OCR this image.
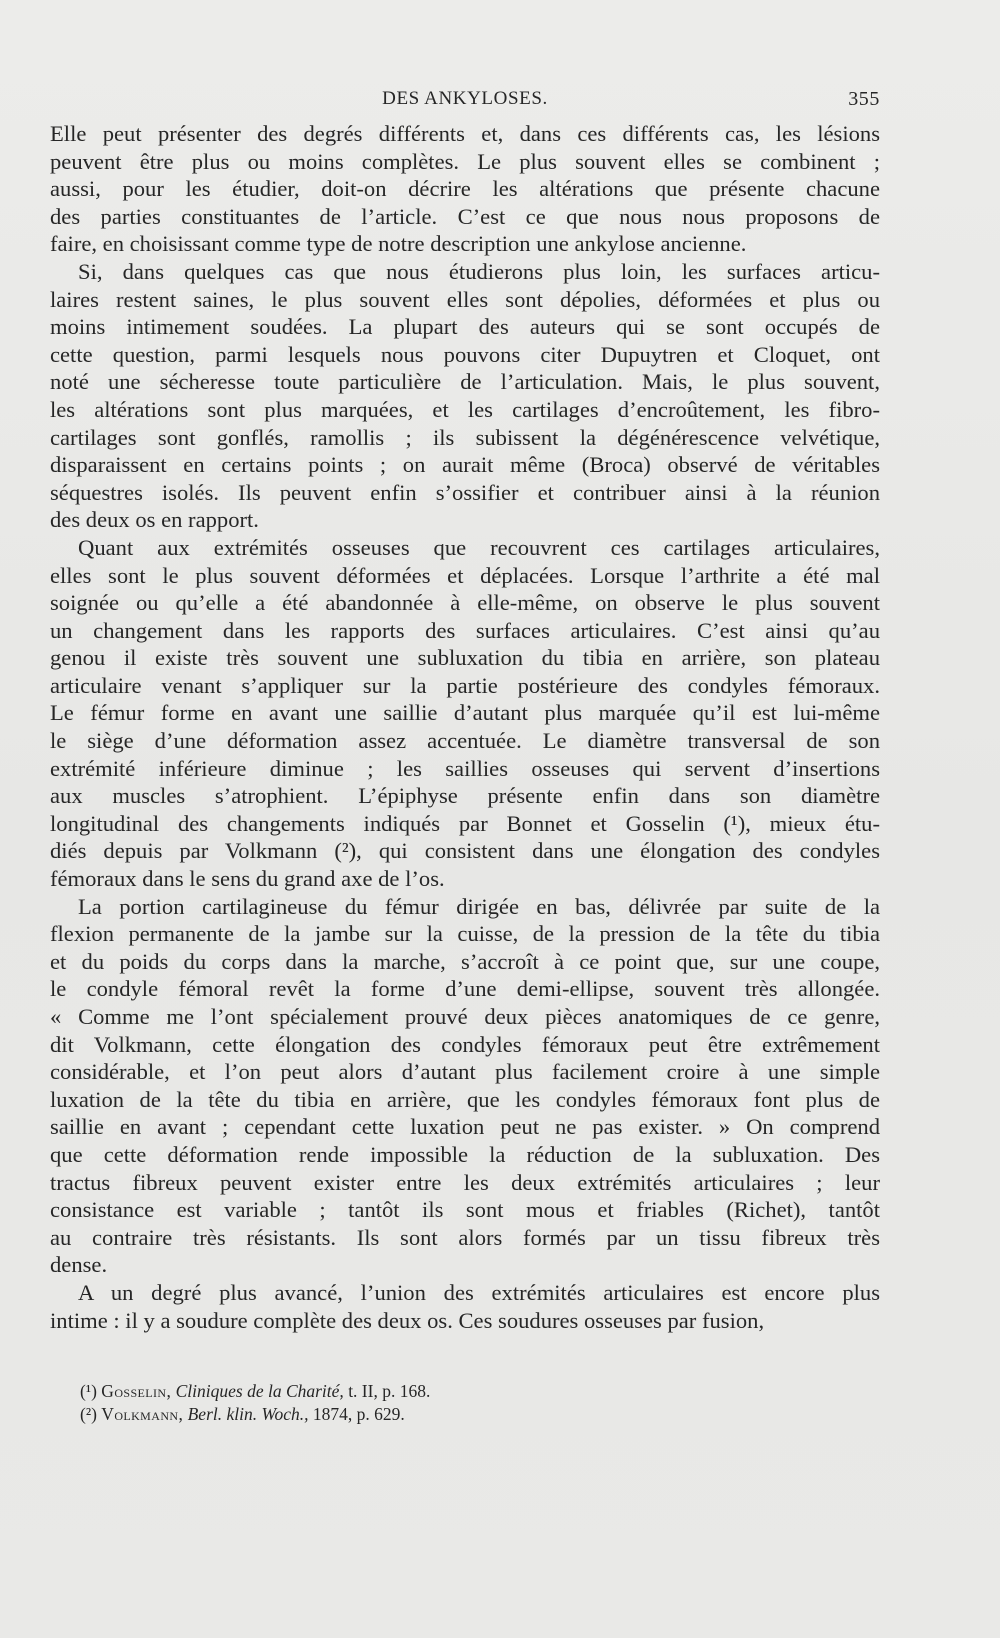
DES ANKYLOSES.	355
Elle peut présenter des degrés différents et, dans ces différents cas, les lésions
peuvent être plus ou moins complètes. Le plus souvent elles se combinent ;
aussi, pour les étudier, doit-on décrire les altérations que présente chacune
des parties constituantes de l’article. C’est ce que nous nous proposons de
faire, en choisissant comme type de notre description une ankylose ancienne.
Si, dans quelques cas que nous étudierons plus loin, les surfaces articu-
laires restent saines, le plus souvent elles sont dépolies, déformées et plus ou
moins intimement soudées. La plupart des auteurs qui se sont occupés de
cette question, parmi lesquels nous pouvons citer Dupuytren et Cloquet, ont
noté une sécheresse toute particulière de l’articulation. Mais, le plus souvent,
les altérations sont plus marquées, et les cartilages d’encroûtement, les fibro-
cartilages sont gonflés, ramollis ; ils subissent la dégénérescence velvétique,
disparaissent en certains points ; on aurait même (Broca) observé de véritables
séquestres isolés. Ils peuvent enfin s’ossifier et contribuer ainsi à la réunion
des deux os en rapport.
Quant aux extrémités osseuses que recouvrent ces cartilages articulaires,
elles sont le plus souvent déformées et déplacées. Lorsque l’arthrite a été mal
soignée ou qu’elle a été abandonnée à elle-même, on observe le plus souvent
un changement dans les rapports des surfaces articulaires. C’est ainsi qu’au
genou il existe très souvent une subluxation du tibia en arrière, son plateau
articulaire venant s’appliquer sur la partie postérieure des condyles fémoraux.
Le fémur forme en avant une saillie d’autant plus marquée qu’il est lui-même
le siège d’une déformation assez accentuée. Le diamètre transversal de son
extrémité inférieure diminue ; les saillies osseuses qui servent d’insertions
aux muscles s’atrophient. L’épiphyse présente enfin dans son diamètre
longitudinal des changements indiqués par Bonnet et Gosselin (¹), mieux étu-
diés depuis par Volkmann (²), qui consistent dans une élongation des condyles
fémoraux dans le sens du grand axe de l’os.
La portion cartilagineuse du fémur dirigée en bas, délivrée par suite de la
flexion permanente de la jambe sur la cuisse, de la pression de la tête du tibia
et du poids du corps dans la marche, s’accroît à ce point que, sur une coupe,
le condyle fémoral revêt la forme d’une demi-ellipse, souvent très allongée.
« Comme me l’ont spécialement prouvé deux pièces anatomiques de ce genre,
dit Volkmann, cette élongation des condyles fémoraux peut être extrêmement
considérable, et l’on peut alors d’autant plus facilement croire à une simple
luxation de la tête du tibia en arrière, que les condyles fémoraux font plus de
saillie en avant ; cependant cette luxation peut ne pas exister. » On comprend
que cette déformation rende impossible la réduction de la subluxation. Des
tractus fibreux peuvent exister entre les deux extrémités articulaires ; leur
consistance est variable ; tantôt ils sont mous et friables (Richet), tantôt
au contraire très résistants. Ils sont alors formés par un tissu fibreux très
dense.
A un degré plus avancé, l’union des extrémités articulaires est encore plus
intime : il y a soudure complète des deux os. Ces soudures osseuses par fusion,
(¹) Gosselin, Cliniques de la Charité, t. II, p. 168.
(²) Volkmann, Berl. klin. Woch., 1874, p. 629.
